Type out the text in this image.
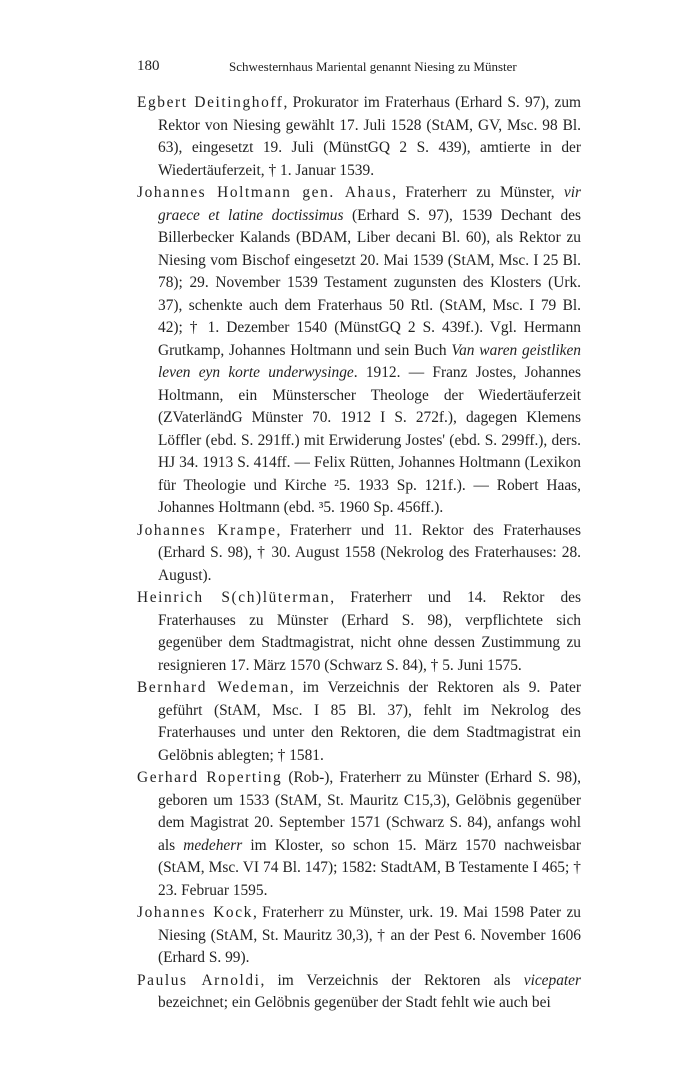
180	Schwesternhaus Mariental genannt Niesing zu Münster

Egbert Deitinghoff, Prokurator im Fraterhaus (Erhard S. 97), zum Rektor von Niesing gewählt 17. Juli 1528 (StAM, GV, Msc. 98 Bl. 63), eingesetzt 19. Juli (MünstGQ 2 S. 439), amtierte in der Wiedertäuferzeit, † 1. Januar 1539.

Johannes Holtmann gen. Ahaus, Fraterherr zu Münster, vir graece et latine doctissimus (Erhard S. 97), 1539 Dechant des Billerbecker Kalands (BDAM, Liber decani Bl. 60), als Rektor zu Niesing vom Bischof eingesetzt 20. Mai 1539 (StAM, Msc. I 25 Bl. 78); 29. November 1539 Testament zugunsten des Klosters (Urk. 37), schenkte auch dem Fraterhaus 50 Rtl. (StAM, Msc. I 79 Bl. 42); † 1. Dezember 1540 (MünstGQ 2 S. 439f.). Vgl. Hermann Grutkamp, Johannes Holtmann und sein Buch Van waren geistliken leven eyn korte underwysinge. 1912. — Franz Jostes, Johannes Holtmann, ein Münsterscher Theologe der Wiedertäuferzeit (ZVaterländG Münster 70. 1912 I S. 272f.), dagegen Klemens Löffler (ebd. S. 291ff.) mit Erwiderung Jostes' (ebd. S. 299ff.), ders. HJ 34. 1913 S. 414ff. — Felix Rütten, Johannes Holtmann (Lexikon für Theologie und Kirche ²5. 1933 Sp. 121f.). — Robert Haas, Johannes Holtmann (ebd. ³5. 1960 Sp. 456ff.).

Johannes Krampe, Fraterherr und 11. Rektor des Fraterhauses (Erhard S. 98), † 30. August 1558 (Nekrolog des Fraterhauses: 28. August).

Heinrich S(ch)lüterman, Fraterherr und 14. Rektor des Fraterhauses zu Münster (Erhard S. 98), verpflichtete sich gegenüber dem Stadtmagistrat, nicht ohne dessen Zustimmung zu resignieren 17. März 1570 (Schwarz S. 84), † 5. Juni 1575.

Bernhard Wedeman, im Verzeichnis der Rektoren als 9. Pater geführt (StAM, Msc. I 85 Bl. 37), fehlt im Nekrolog des Fraterhauses und unter den Rektoren, die dem Stadtmagistrat ein Gelöbnis ablegten; † 1581.

Gerhard Roperting (Rob-), Fraterherr zu Münster (Erhard S. 98), geboren um 1533 (StAM, St. Mauritz C15,3), Gelöbnis gegenüber dem Magistrat 20. September 1571 (Schwarz S. 84), anfangs wohl als medeherr im Kloster, so schon 15. März 1570 nachweisbar (StAM, Msc. VI 74 Bl. 147); 1582: StadtAM, B Testamente I 465; † 23. Februar 1595.

Johannes Kock, Fraterherr zu Münster, urk. 19. Mai 1598 Pater zu Niesing (StAM, St. Mauritz 30,3), † an der Pest 6. November 1606 (Erhard S. 99).

Paulus Arnoldi, im Verzeichnis der Rektoren als vicepater bezeichnet; ein Gelöbnis gegenüber der Stadt fehlt wie auch bei
